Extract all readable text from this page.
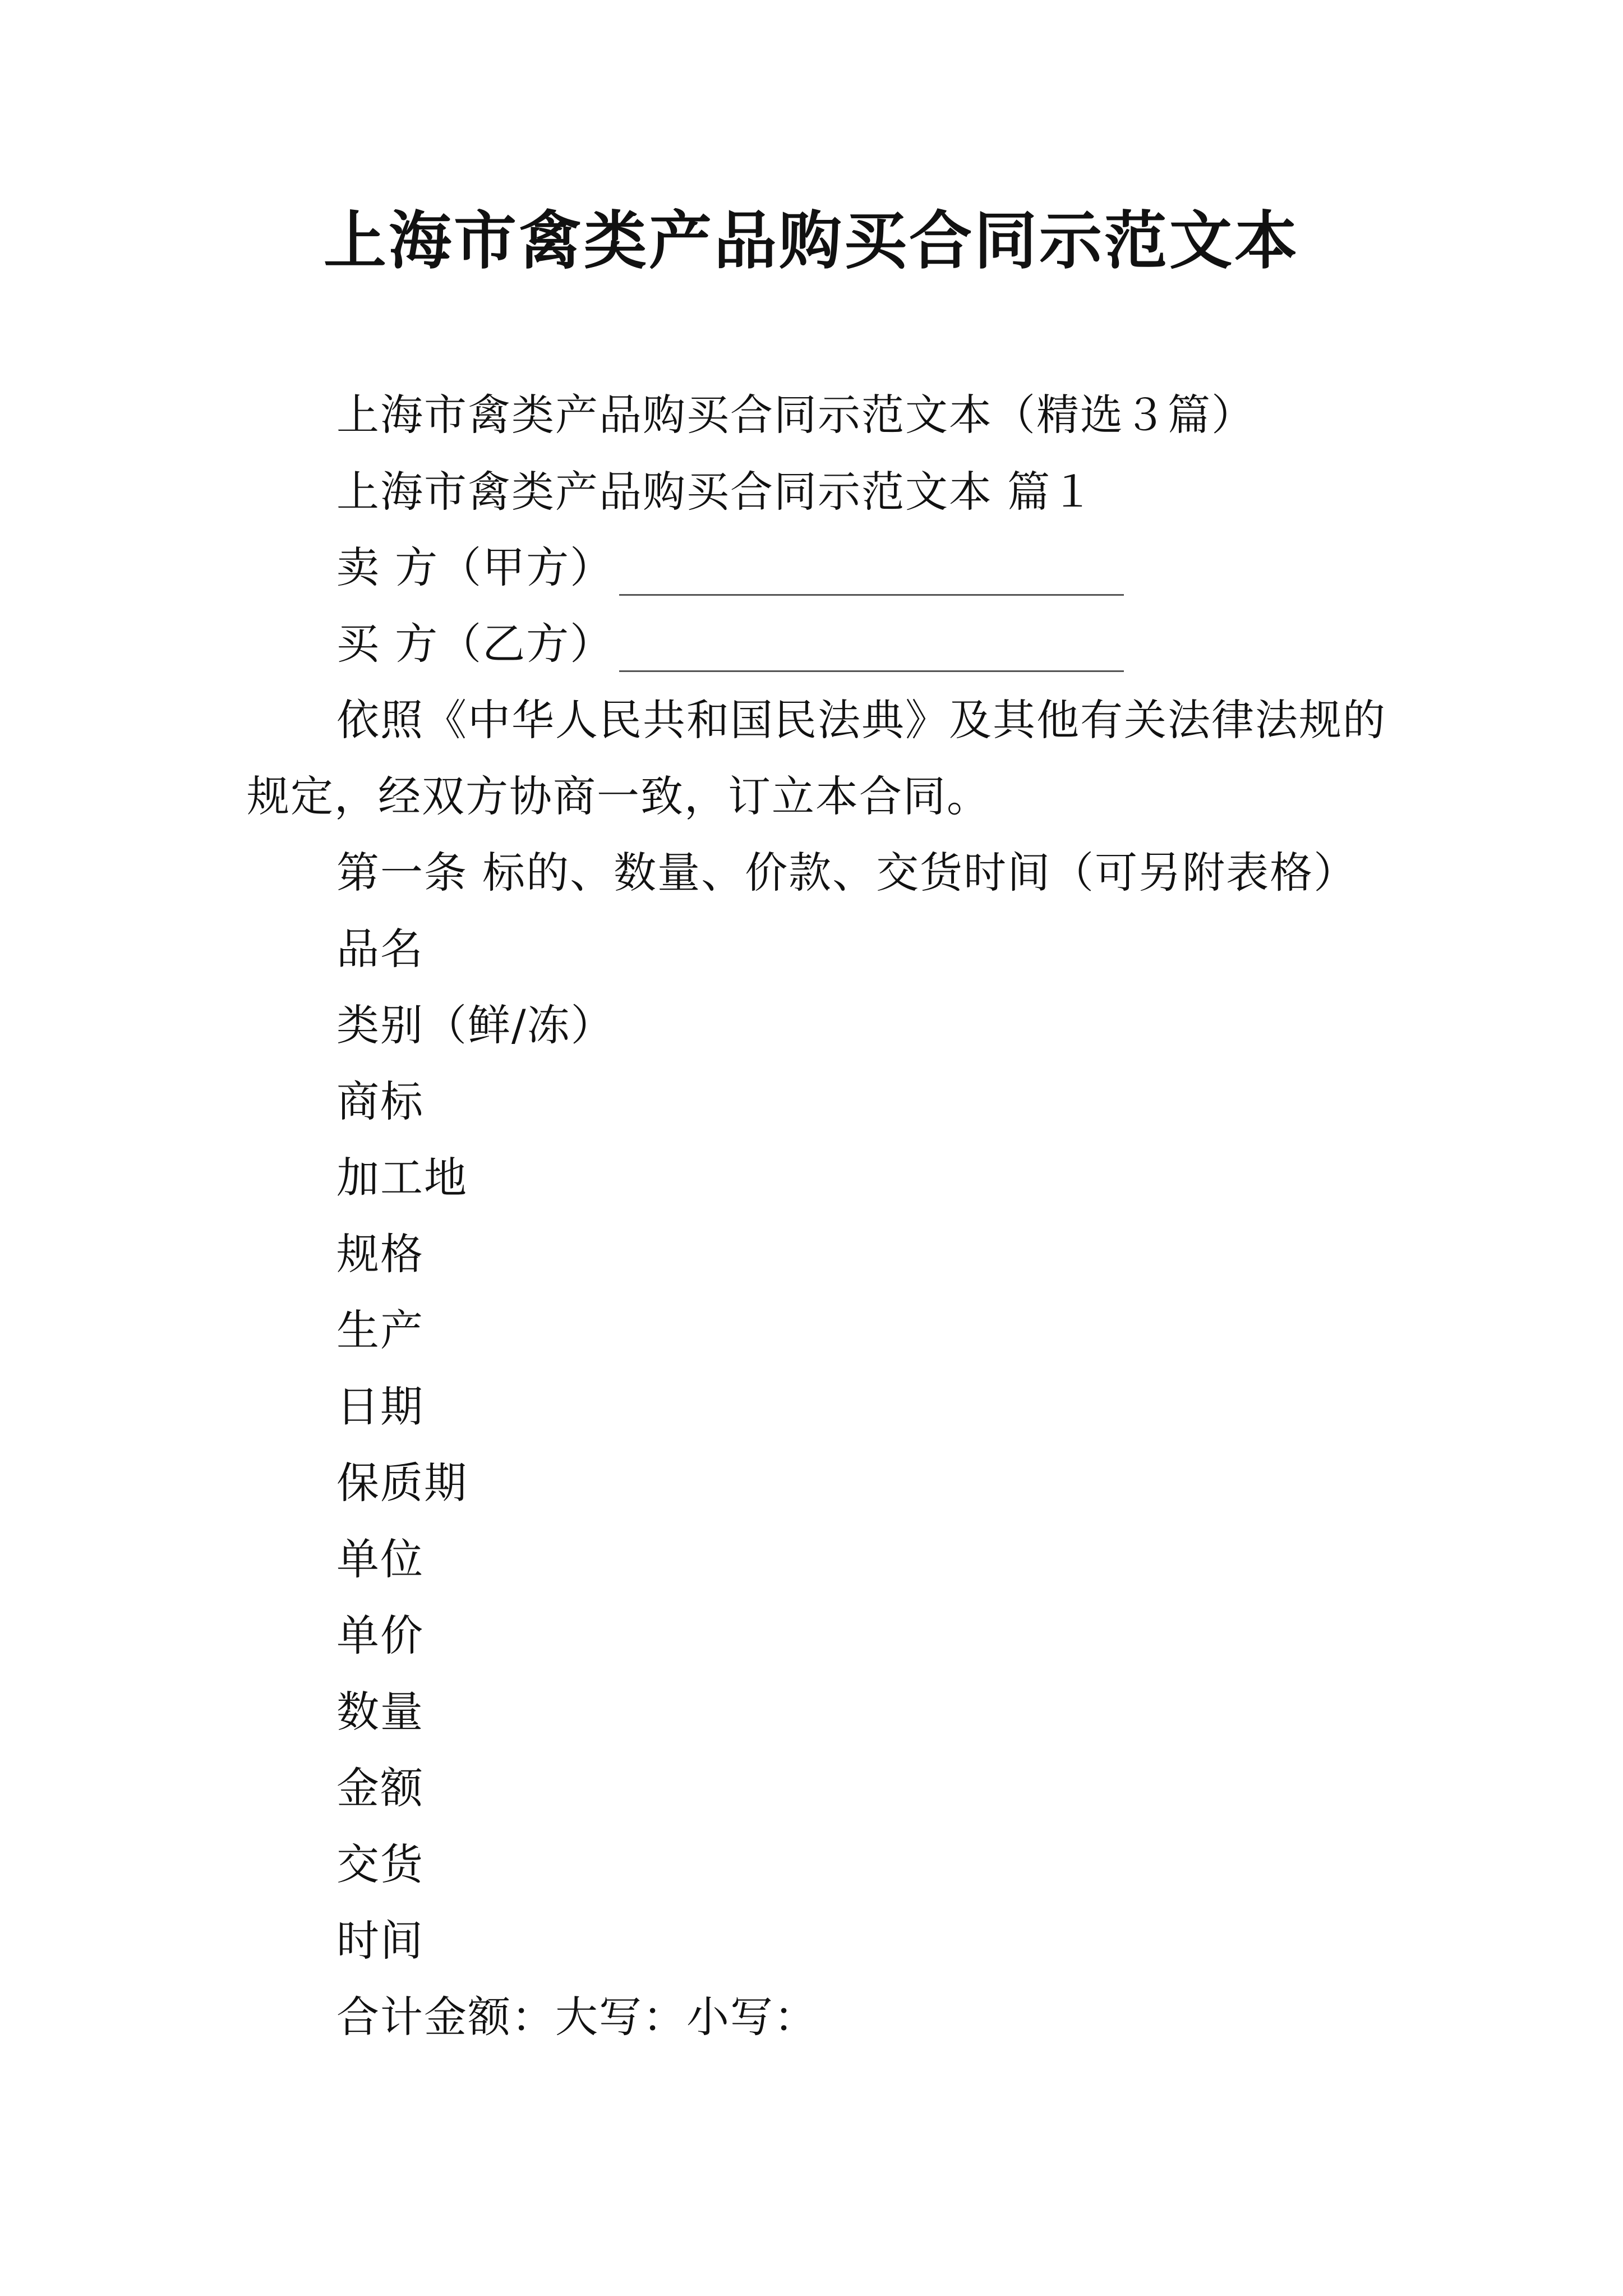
上海市禽类产品购买合同示范文本
上海市禽类产品购买合同示范文本（精选３篇）
上海市禽类产品购买合同示范文本 篇１
卖 方（甲方）
买 方（乙方）
依照《中华人民共和国民法典》及其他有关法律法规的
规定，经双方协商一致，订立本合同。
第一条 标的、数量、价款、交货时间（可另附表格）
品名
类别（鲜/冻）
商标
加工地
规格
生产
日期
保质期
单位
单价
数量
金额
交货
时间
合计金额：大写：小写：
